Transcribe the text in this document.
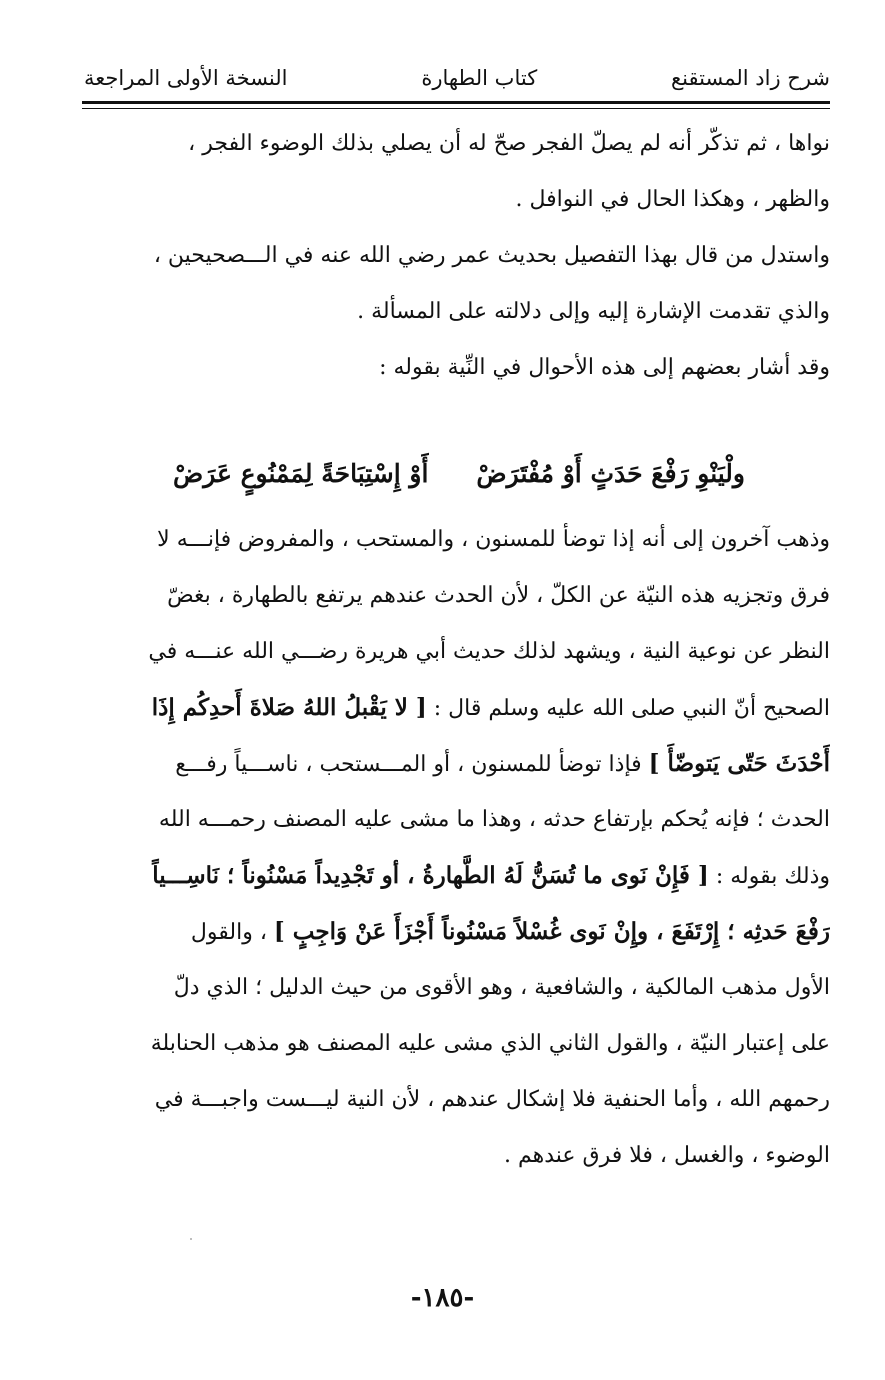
شرح زاد المستقنع
كتاب الطهارة
النسخة الأولى المراجعة
نواها ، ثم تذكّر أنه لم يصلّ الفجر صحّ له أن يصلي بذلك الوضوء الفجر ،
والظهر ، وهكذا الحال في النوافل .
واستدل من قال بهذا التفصيل بحديث عمر رضي الله عنه في الـــصحيحين ،
والذي تقدمت الإشارة إليه وإلى دلالته على المسألة .
وقد أشار بعضهم إلى هذه الأحوال في النِّية بقوله :
ولْيَنْوِ رَفْعَ حَدَثٍ أَوْ مُفْتَرَضْ
أَوْ إِسْتِبَاحَةً لِمَمْنُوعٍ عَرَضْ
وذهب آخرون إلى أنه إذا توضأ للمسنون ، والمستحب ، والمفروض فإنـــه لا
فرق وتجزيه هذه النيّة عن الكلّ ، لأن الحدث عندهم يرتفع بالطهارة ، بغضّ
النظر عن نوعية النية ، ويشهد لذلك حديث أبي هريرة رضـــي الله عنـــه في
الصحيح أنّ النبي صلى الله عليه وسلم قال : [ لا يَقْبلُ اللهُ صَلاةَ أَحدِكُم إِذَا
أَحْدَثَ حَتّى يَتوضّأَ ] فإذا توضأ للمسنون ، أو المـــستحب ، ناســـياً رفـــع
الحدث ؛ فإنه يُحكم بإرتفاع حدثه ، وهذا ما مشى عليه المصنف رحمـــه الله
وذلك بقوله : [ فَإِنْ نَوى ما تُسَنُّ لَهُ الطَّهارةُ ، أو تَجْدِيداً مَسْنُوناً ؛ نَاسِـــياً
رَفْعَ حَدثِه ؛ إِرْتَفَعَ ، وإِنْ نَوى غُسْلاً مَسْنُوناً أَجْزَأَ عَنْ وَاجِبٍ ] ، والقول
الأول مذهب المالكية ، والشافعية ، وهو الأقوى من حيث الدليل ؛ الذي دلّ
على إعتبار النيّة ، والقول الثاني الذي مشى عليه المصنف هو مذهب الحنابلة
رحمهم الله ، وأما الحنفية فلا إشكال عندهم ، لأن النية ليـــست واجبـــة في
الوضوء ، والغسل ، فلا فرق عندهم .
-١٨٥-
